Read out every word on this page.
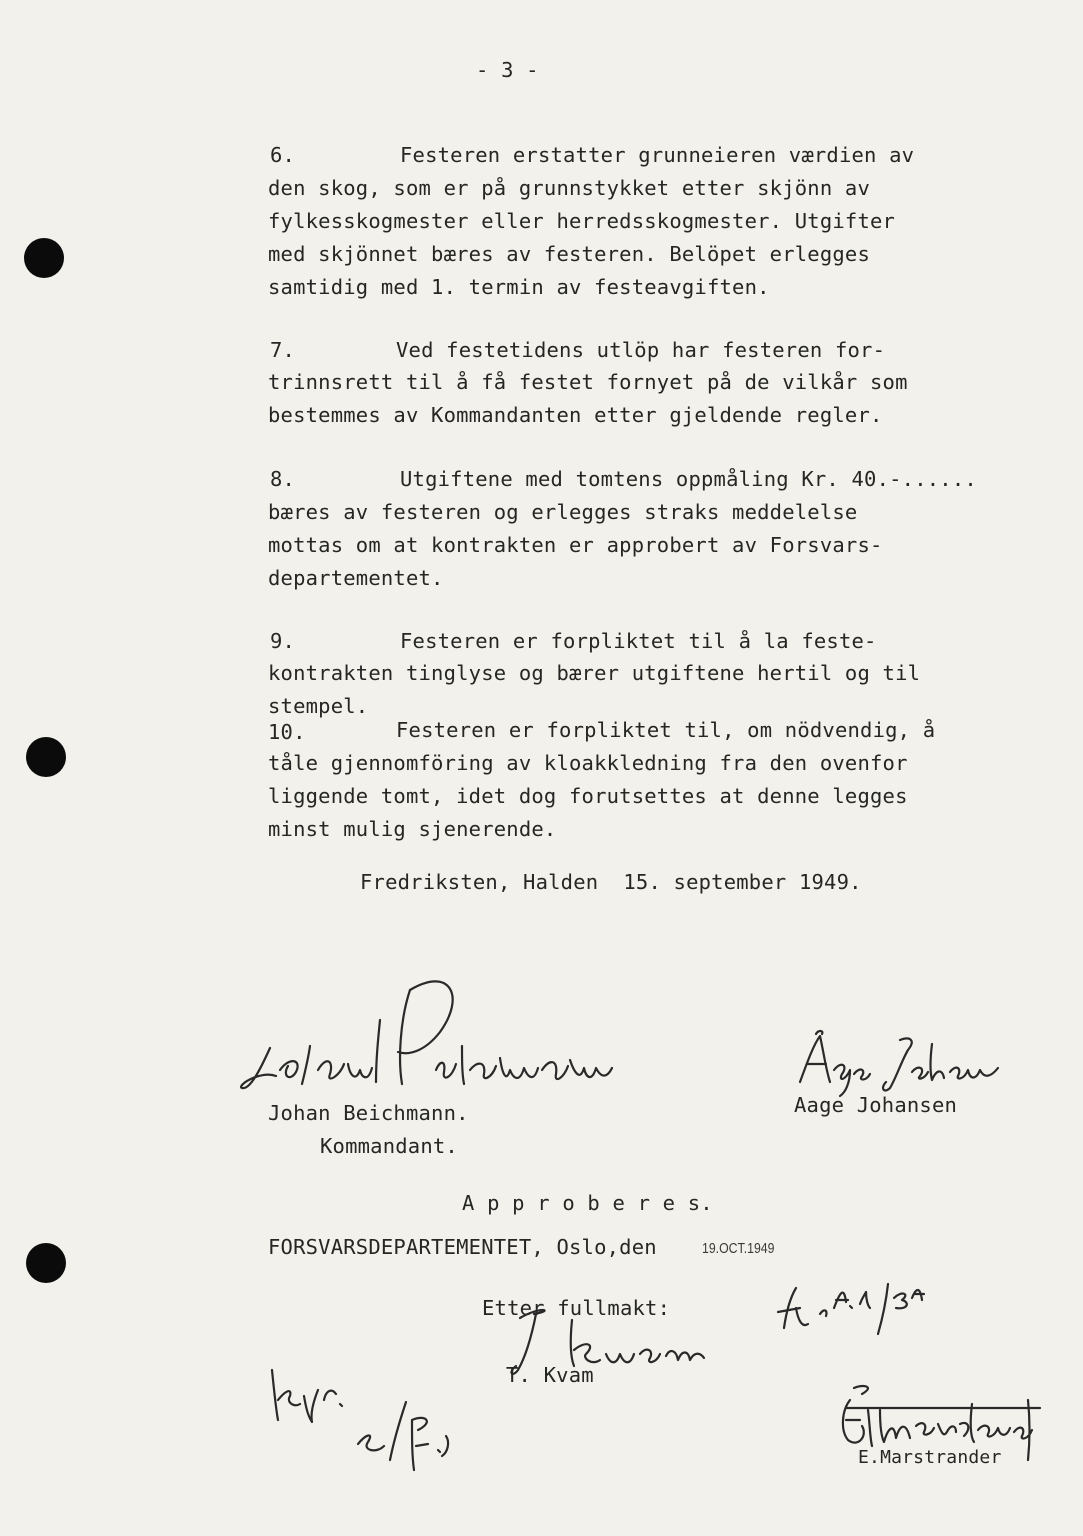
- 3 -
6.	Festeren erstatter grunneieren værdien av
den skog, som er på grunnstykket etter skjönn av
fylkesskogmester eller herredsskogmester. Utgifter
med skjönnet bæres av festeren. Belöpet erlegges
samtidig med 1. termin av festeavgiften.
7.	Ved festetidens utlöp har festeren for-
trinnsrett til å få festet fornyet på de vilkår som
bestemmes av Kommandanten etter gjeldende regler.
8.	Utgiftene med tomtens oppmåling Kr. 40.-......
bæres av festeren og erlegges straks meddelelse
mottas om at kontrakten er approbert av Forsvars-
departementet.
9.	Festeren er forpliktet til å la feste-
kontrakten tinglyse og bærer utgiftene hertil og til
stempel.
10.	Festeren er forpliktet til, om nödvendig, å
tåle gjennomföring av kloakkledning fra den ovenfor
liggende tomt, idet dog forutsettes at denne legges
minst mulig sjenerende.
Fredriksten, Halden  15. september 1949.
Johan Beichmann.
Kommandant.
Aage Johansen
A p p r o b e r e s.
FORSVARSDEPARTEMENTET, Oslo,den	19.OCT.1949
Etter fullmakt:
T. Kvam
E.Marstrander
